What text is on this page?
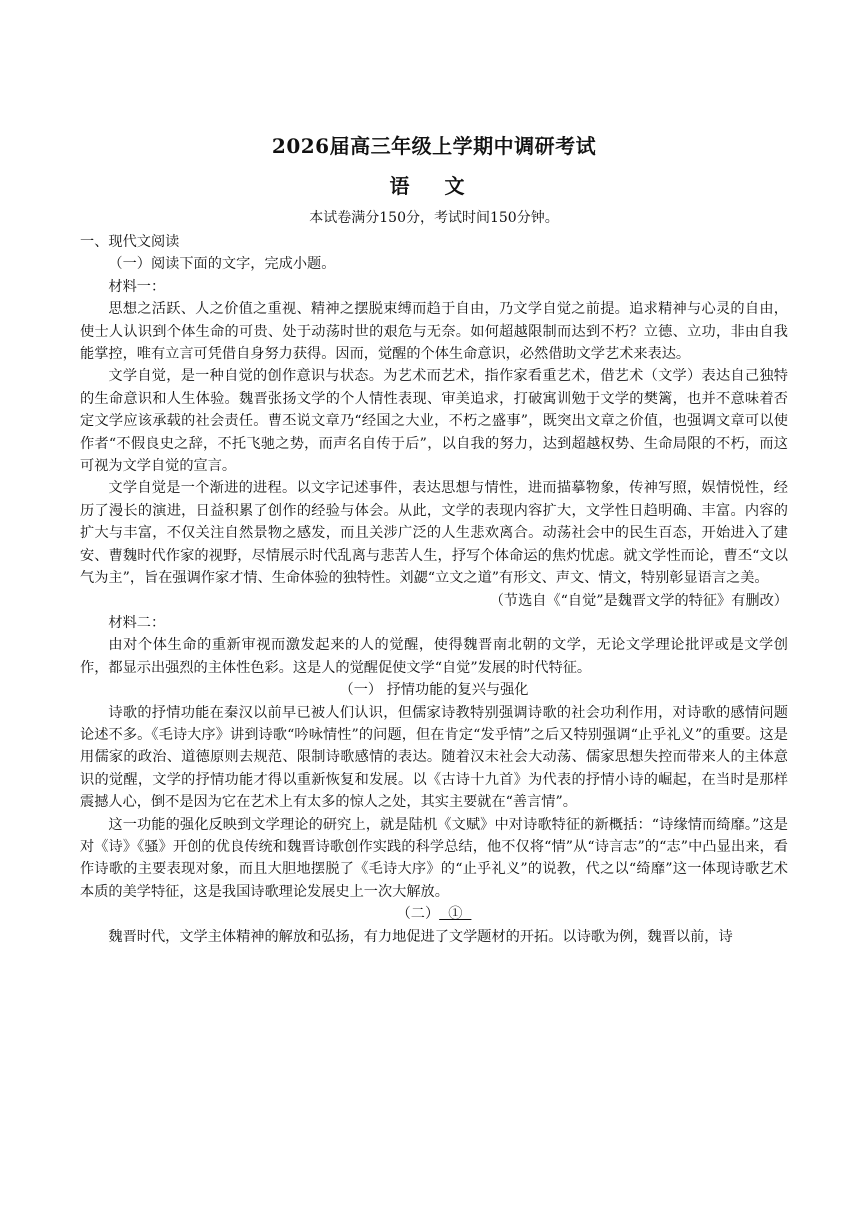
2026届高三年级上学期中调研考试
语 文
本试卷满分150分，考试时间150分钟。

一、现代文阅读

（一）阅读下面的文字，完成小题。

材料一：

思想之活跃、人之价值之重视、精神之摆脱束缚而趋于自由，乃文学自觉之前提。追求精神与心灵的自由，使士人认识到个体生命的可贵、处于动荡时世的艰危与无奈。如何超越限制而达到不朽？立德、立功，非由自我能掌控，唯有立言可凭借自身努力获得。因而，觉醒的个体生命意识，必然借助文学艺术来表达。

文学自觉，是一种自觉的创作意识与状态。为艺术而艺术，指作家看重艺术，借艺术（文学）表达自己独特的生命意识和人生体验。魏晋张扬文学的个人情性表现、审美追求，打破寓训勉于文学的樊篱，也并不意味着否定文学应该承载的社会责任。曹丕说文章乃“经国之大业，不朽之盛事”，既突出文章之价值，也强调文章可以使作者“不假良史之辞，不托飞驰之势，而声名自传于后”，以自我的努力，达到超越权势、生命局限的不朽，而这可视为文学自觉的宣言。

文学自觉是一个渐进的进程。以文字记述事件，表达思想与情性，进而描摹物象，传神写照，娱情悦性，经历了漫长的演进，日益积累了创作的经验与体会。从此，文学的表现内容扩大，文学性日趋明确、丰富。内容的扩大与丰富，不仅关注自然景物之感发，而且关涉广泛的人生悲欢离合。动荡社会中的民生百态，开始进入了建安、曹魏时代作家的视野，尽情展示时代乱离与悲苦人生，抒写个体命运的焦灼忧虑。就文学性而论，曹丕“文以气为主”，旨在强调作家才情、生命体验的独特性。刘勰“立文之道”有形文、声文、情文，特别彰显语言之美。

（节选自《“自觉”是魏晋文学的特征》有删改）

材料二：

由对个体生命的重新审视而激发起来的人的觉醒，使得魏晋南北朝的文学，无论文学理论批评或是文学创作，都显示出强烈的主体性色彩。这是人的觉醒促使文学“自觉”发展的时代特征。

（一） 抒情功能的复兴与强化

诗歌的抒情功能在秦汉以前早已被人们认识，但儒家诗教特别强调诗歌的社会功利作用，对诗歌的感情问题论述不多。《毛诗大序》讲到诗歌“吟咏情性”的问题，但在肯定“发乎情”之后又特别强调“止乎礼义”的重要。这是用儒家的政治、道德原则去规范、限制诗歌感情的表达。随着汉末社会大动荡、儒家思想失控而带来人的主体意识的觉醒，文学的抒情功能才得以重新恢复和发展。以《古诗十九首》为代表的抒情小诗的崛起，在当时是那样震撼人心，倒不是因为它在艺术上有太多的惊人之处，其实主要就在“善言情”。

这一功能的强化反映到文学理论的研究上，就是陆机《文赋》中对诗歌特征的新概括：“诗缘情而绮靡。”这是对《诗》《骚》开创的优良传统和魏晋诗歌创作实践的科学总结，他不仅将“情”从“诗言志”的“志”中凸显出来，看作诗歌的主要表现对象，而且大胆地摆脱了《毛诗大序》的“止乎礼义”的说教，代之以“绮靡”这一体现诗歌艺术本质的美学特征，这是我国诗歌理论发展史上一次大解放。

（二）  ①

魏晋时代，文学主体精神的解放和弘扬，有力地促进了文学题材的开拓。以诗歌为例，魏晋以前，诗
